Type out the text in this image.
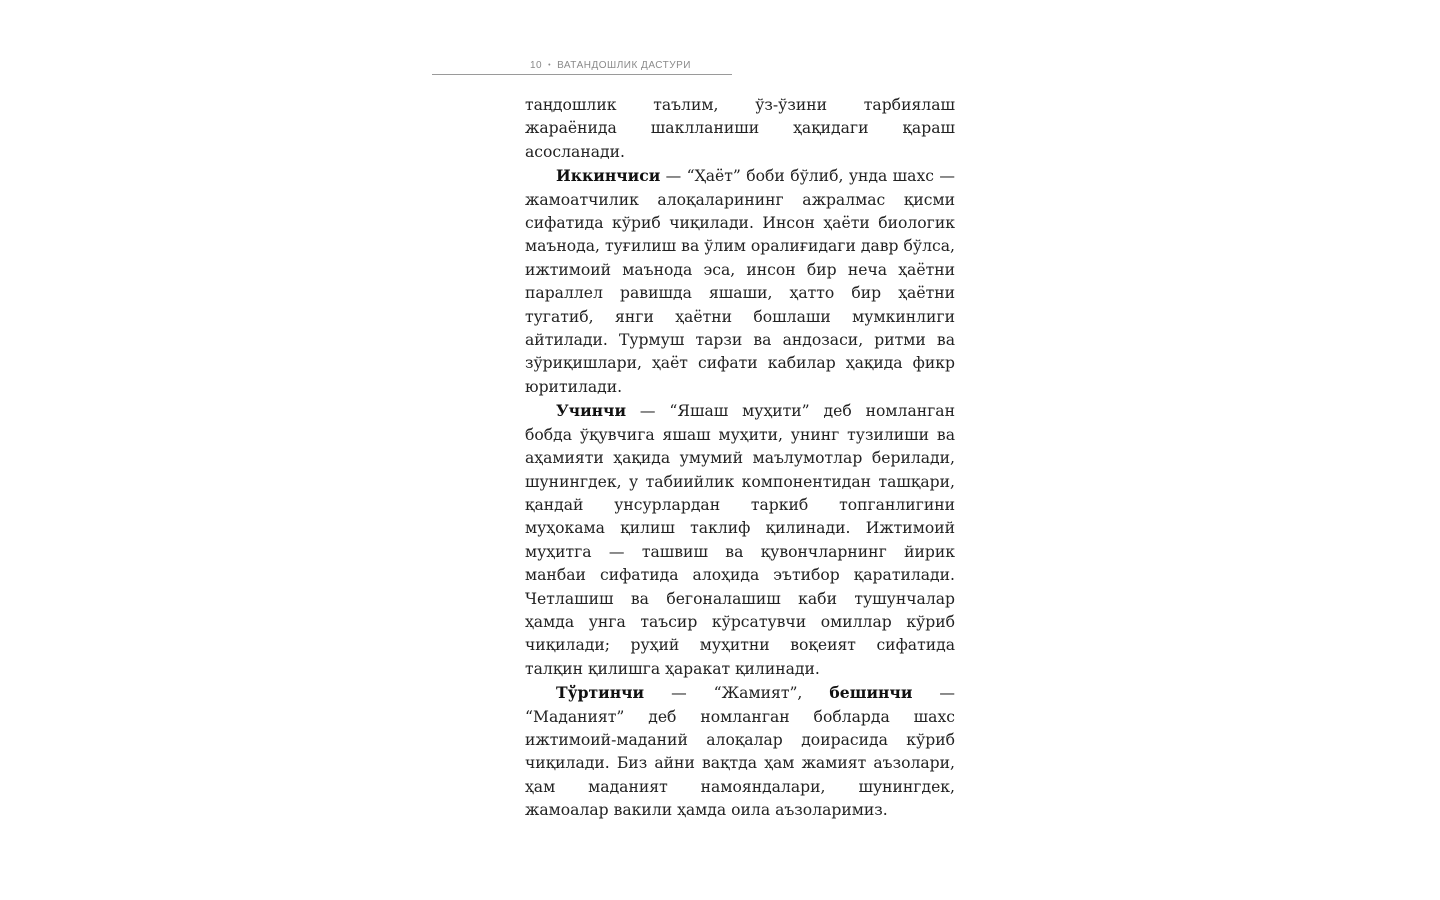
10 • ВАТАНДОШЛИК ДАСТУРИ

таңдошлик таълим, ўз-ўзини тарбиялаш жараёнида шаклланиши ҳақидаги қараш асосланади.

Иккинчиси — “Ҳаёт” боби бўлиб, унда шахс — жамоатчилик алоқаларининг ажралмас қисми сифатида кўриб чиқилади. Инсон ҳаёти биологик маънода, туғилиш ва ўлим оралиғидаги давр бўлса, ижтимоий маънода эса, инсон бир неча ҳаётни параллел равишда яшаши, ҳатто бир ҳаётни тугатиб, янги ҳаётни бошлаши мумкинлиги айтилади. Турмуш тарзи ва андозаси, ритми ва зўриқишлари, ҳаёт сифати кабилар ҳақида фикр юритилади.

Учинчи — “Яшаш муҳити” деб номланган бобда ўқувчига яшаш муҳити, унинг тузилиши ва аҳамияти ҳақида умумий маълумотлар берилади, шунингдек, у табиийлик компонентидан ташқари, қандай унсурлардан таркиб топганлигини муҳокама қилиш таклиф қилинади. Ижтимоий муҳитга — ташвиш ва қувончларнинг йирик манбаи сифатида алоҳида эътибор қаратилади. Четлашиш ва бегоналашиш каби тушунчалар ҳамда унга таъсир кўрсатувчи омиллар кўриб чиқилади; руҳий муҳитни воқеият сифатида талқин қилишга ҳаракат қилинади.

Тўртинчи — “Жамият”, бешинчи — “Маданият” деб номланган бобларда шахс ижтимоий-маданий алоқалар доирасида кўриб чиқилади. Биз айни вақтда ҳам жамият аъзолари, ҳам маданият намояндалари, шунингдек, жамоалар вакили ҳамда оила аъзоларимиз.
